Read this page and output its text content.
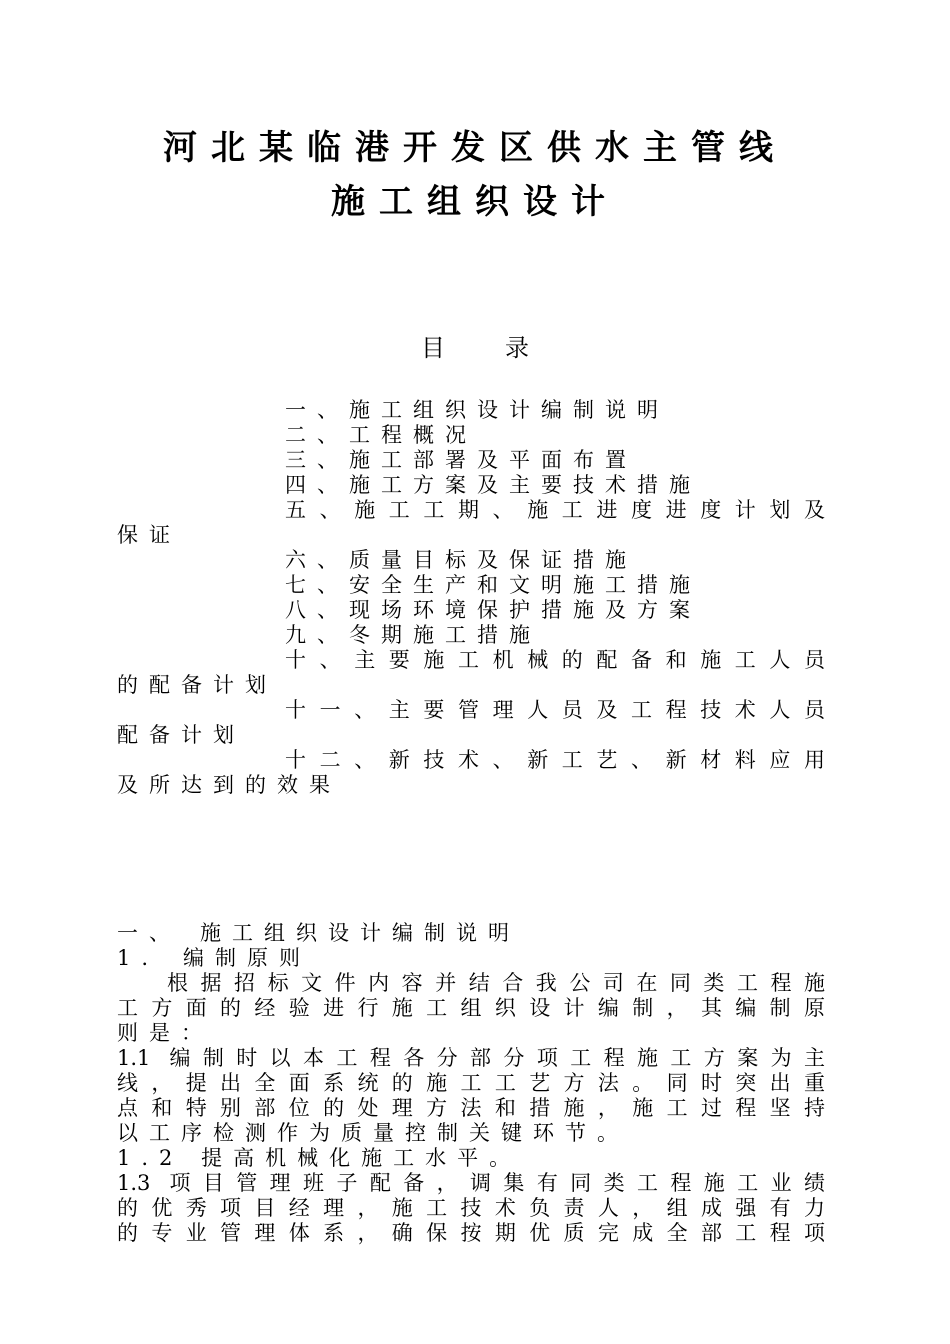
河北某临港开发区供水主管线
施工组织设计
目录
一、施工组织设计编制说明
二、工程概况
三、施工部署及平面布置
四、施工方案及主要技术措施
五、施工工期、施工进度进度计划及
保证
六、质量目标及保证措施
七、安全生产和文明施工措施
八、现场环境保护措施及方案
九、冬期施工措施
十、主要施工机械的配备和施工人员
的配备计划
十一、主要管理人员及工程技术人员
配备计划
十二、新技术、新工艺、新材料应用
及所达到的效果
一、 施工组织设计编制说明
1. 编制原则
根据招标文件内容并结合我公司在同类工程施
工方面的经验进行施工组织设计编制，其编制原
则是：
1.1 编制时以本工程各分部分项工程施工方案为主
线，提出全面系统的施工工艺方法。同时突出重
点和特别部位的处理方法和措施，施工过程坚持
以工序检测作为质量控制关键环节。
1.2 提高机械化施工水平。
1.3 项目管理班子配备，调集有同类工程施工业绩
的优秀项目经理，施工技术负责人，组成强有力
的专业管理体系，确保按期优质完成全部工程项
